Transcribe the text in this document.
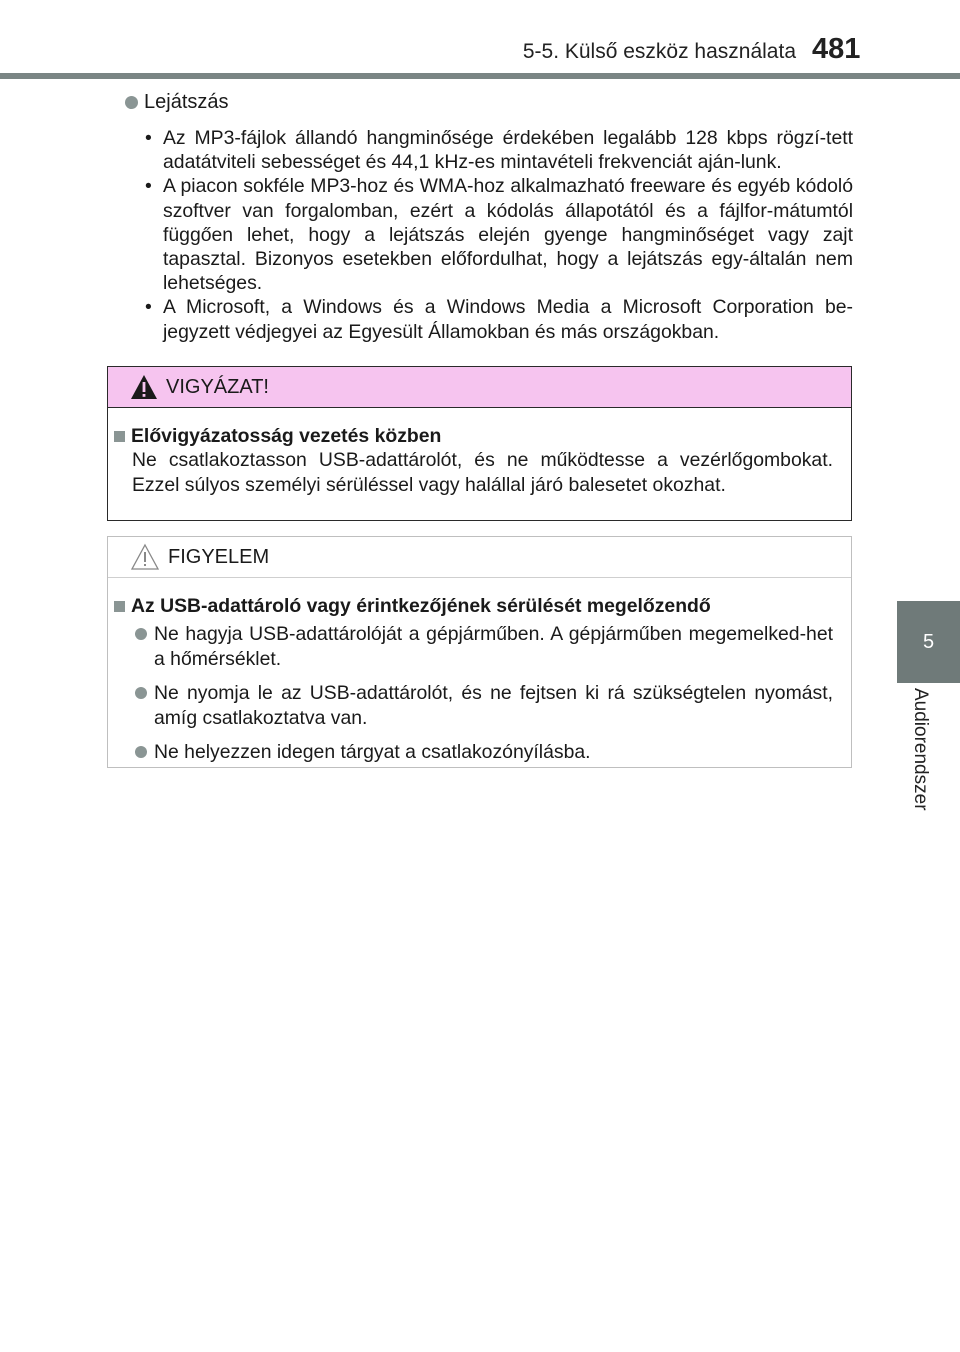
5-5. Külső eszköz használata 481
5
Audiorendszer
Lejátszás
• Az MP3-fájlok állandó hangminősége érdekében legalább 128 kbps rögzí-tett adatátviteli sebességet és 44,1 kHz-es mintavételi frekvenciát aján-lunk.
• A piacon sokféle MP3-hoz és WMA-hoz alkalmazható freeware és egyéb kódoló szoftver van forgalomban, ezért a kódolás állapotától és a fájlfor-mátumtól függően lehet, hogy a lejátszás elején gyenge hangminőséget vagy zajt tapasztal. Bizonyos esetekben előfordulhat, hogy a lejátszás egy-általán nem lehetséges.
• A Microsoft, a Windows és a Windows Media a Microsoft Corporation be-jegyzett védjegyei az Egyesült Államokban és más országokban.
VIGYÁZAT!
Elővigyázatosság vezetés közben
Ne csatlakoztasson USB-adattárolót, és ne működtesse a vezérlőgombokat. Ezzel súlyos személyi sérüléssel vagy halállal járó balesetet okozhat.
FIGYELEM
Az USB-adattároló vagy érintkezőjének sérülését megelőzendő
Ne hagyja USB-adattárolóját a gépjárműben. A gépjárműben megemelked-het a hőmérséklet.
Ne nyomja le az USB-adattárolót, és ne fejtsen ki rá szükségtelen nyomást, amíg csatlakoztatva van.
Ne helyezzen idegen tárgyat a csatlakozónyílásba.
